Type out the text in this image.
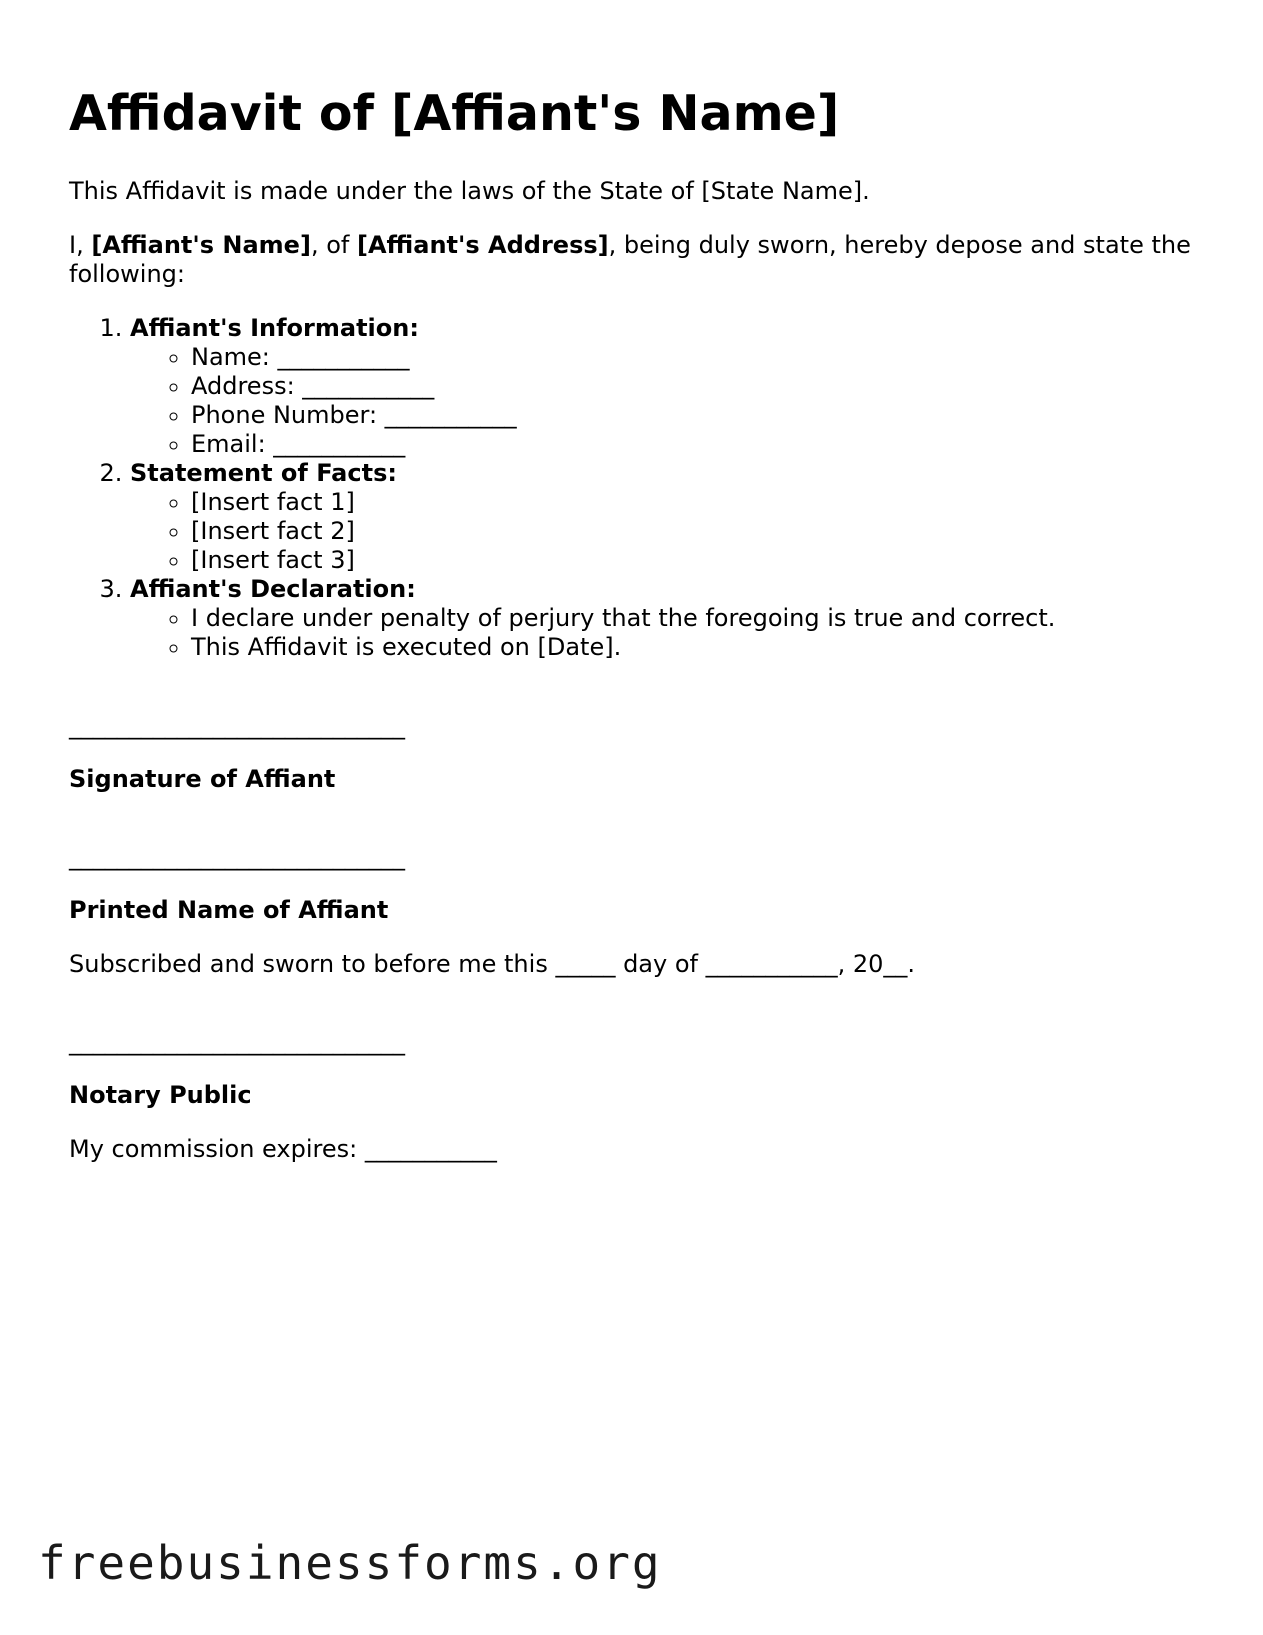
Affidavit of [Affiant's Name]

This Affidavit is made under the laws of the State of [State Name].

I, [Affiant's Name], of [Affiant's Address], being duly sworn, hereby depose and state the following:

1. Affiant's Information:
◦ Name: ___________
◦ Address: ___________
◦ Phone Number: ___________
◦ Email: ___________
2. Statement of Facts:
◦ [Insert fact 1]
◦ [Insert fact 2]
◦ [Insert fact 3]
3. Affiant's Declaration:
◦ I declare under penalty of perjury that the foregoing is true and correct.
◦ This Affidavit is executed on [Date].
____________________________
Signature of Affiant
____________________________
Printed Name of Affiant

Subscribed and sworn to before me this _____ day of ___________, 20__.

____________________________
Notary Public

My commission expires: ___________

freebusinessforms.org
